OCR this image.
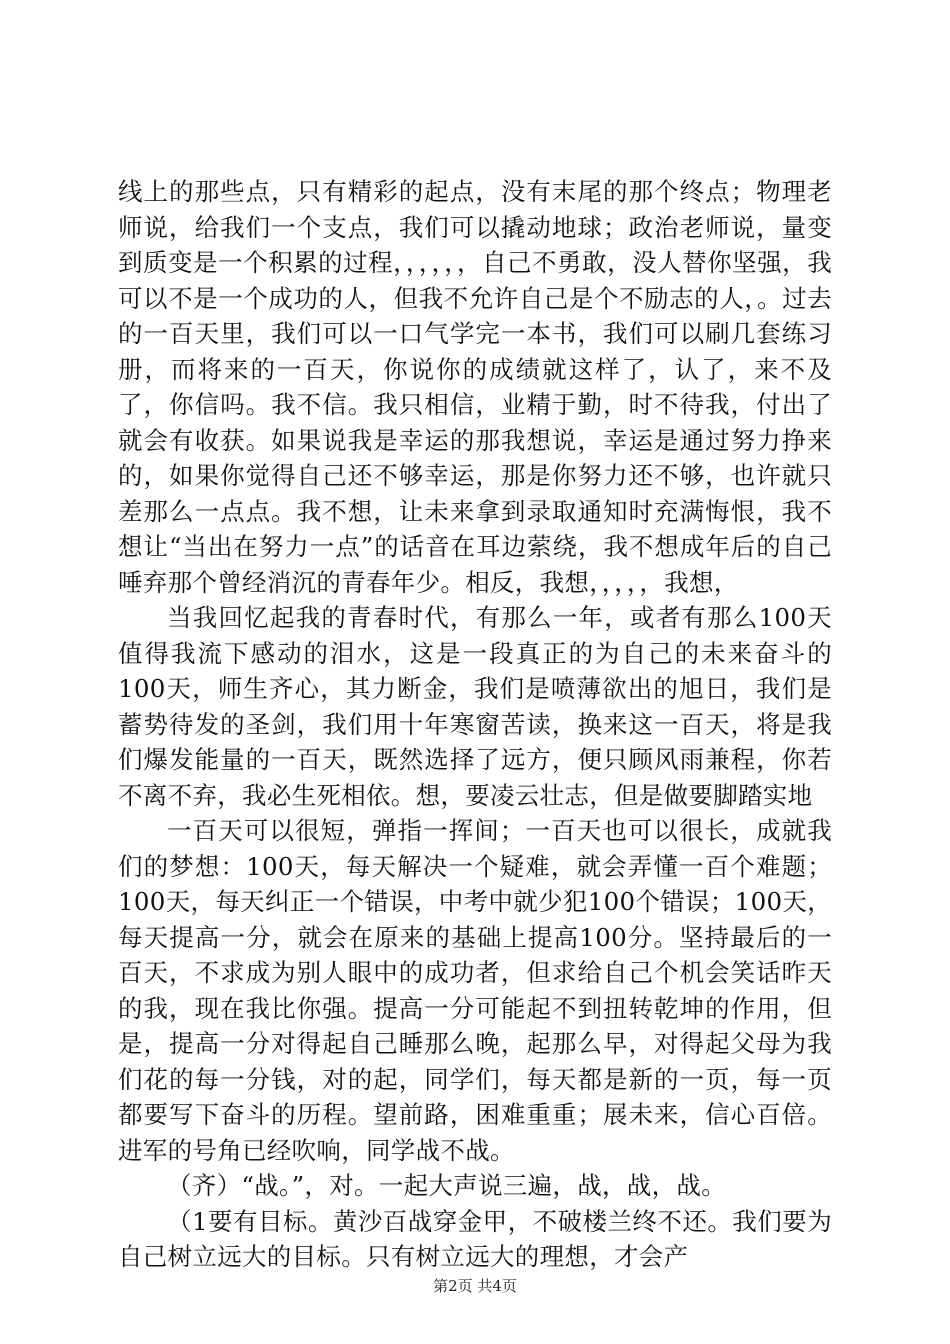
线上的那些点，只有精彩的起点，没有末尾的那个终点；物理老师说，给我们一个支点，我们可以撬动地球；政治老师说，量变到质变是一个积累的过程，，，，，，自己不勇敢，没人替你坚强，我可以不是一个成功的人，但我不允许自己是个不励志的人，。过去的一百天里，我们可以一口气学完一本书，我们可以刷几套练习册，而将来的一百天，你说你的成绩就这样了，认了，来不及了，你信吗。我不信。我只相信，业精于勤，时不待我，付出了就会有收获。如果说我是幸运的那我想说，幸运是通过努力挣来的，如果你觉得自己还不够幸运，那是你努力还不够，也许就只差那么一点点。我不想，让未来拿到录取通知时充满悔恨，我不想让“当出在努力一点”的话音在耳边萦绕，我不想成年后的自己唾弃那个曾经消沉的青春年少。相反，我想，，，，，我想，

当我回忆起我的青春时代，有那么一年，或者有那么100天值得我流下感动的泪水，这是一段真正的为自己的未来奋斗的100天，师生齐心，其力断金，我们是喷薄欲出的旭日，我们是蓄势待发的圣剑，我们用十年寒窗苦读，换来这一百天，将是我们爆发能量的一百天，既然选择了远方，便只顾风雨兼程，你若不离不弃，我必生死相依。想，要凌云壮志，但是做要脚踏实地

一百天可以很短，弹指一挥间；一百天也可以很长，成就我们的梦想：100天，每天解决一个疑难，就会弄懂一百个难题；100天，每天纠正一个错误，中考中就少犯100个错误；100天，每天提高一分，就会在原来的基础上提高100分。坚持最后的一百天，不求成为别人眼中的成功者，但求给自己个机会笑话昨天的我，现在我比你强。提高一分可能起不到扭转乾坤的作用，但是，提高一分对得起自己睡那么晚，起那么早，对得起父母为我们花的每一分钱，对的起，同学们，每天都是新的一页，每一页都要写下奋斗的历程。望前路，困难重重；展未来，信心百倍。进军的号角已经吹响，同学战不战。

（齐）“战。”，对。一起大声说三遍，战，战，战。

（1要有目标。黄沙百战穿金甲，不破楼兰终不还。我们要为自己树立远大的目标。只有树立远大的理想，才会产

第2页 共4页
